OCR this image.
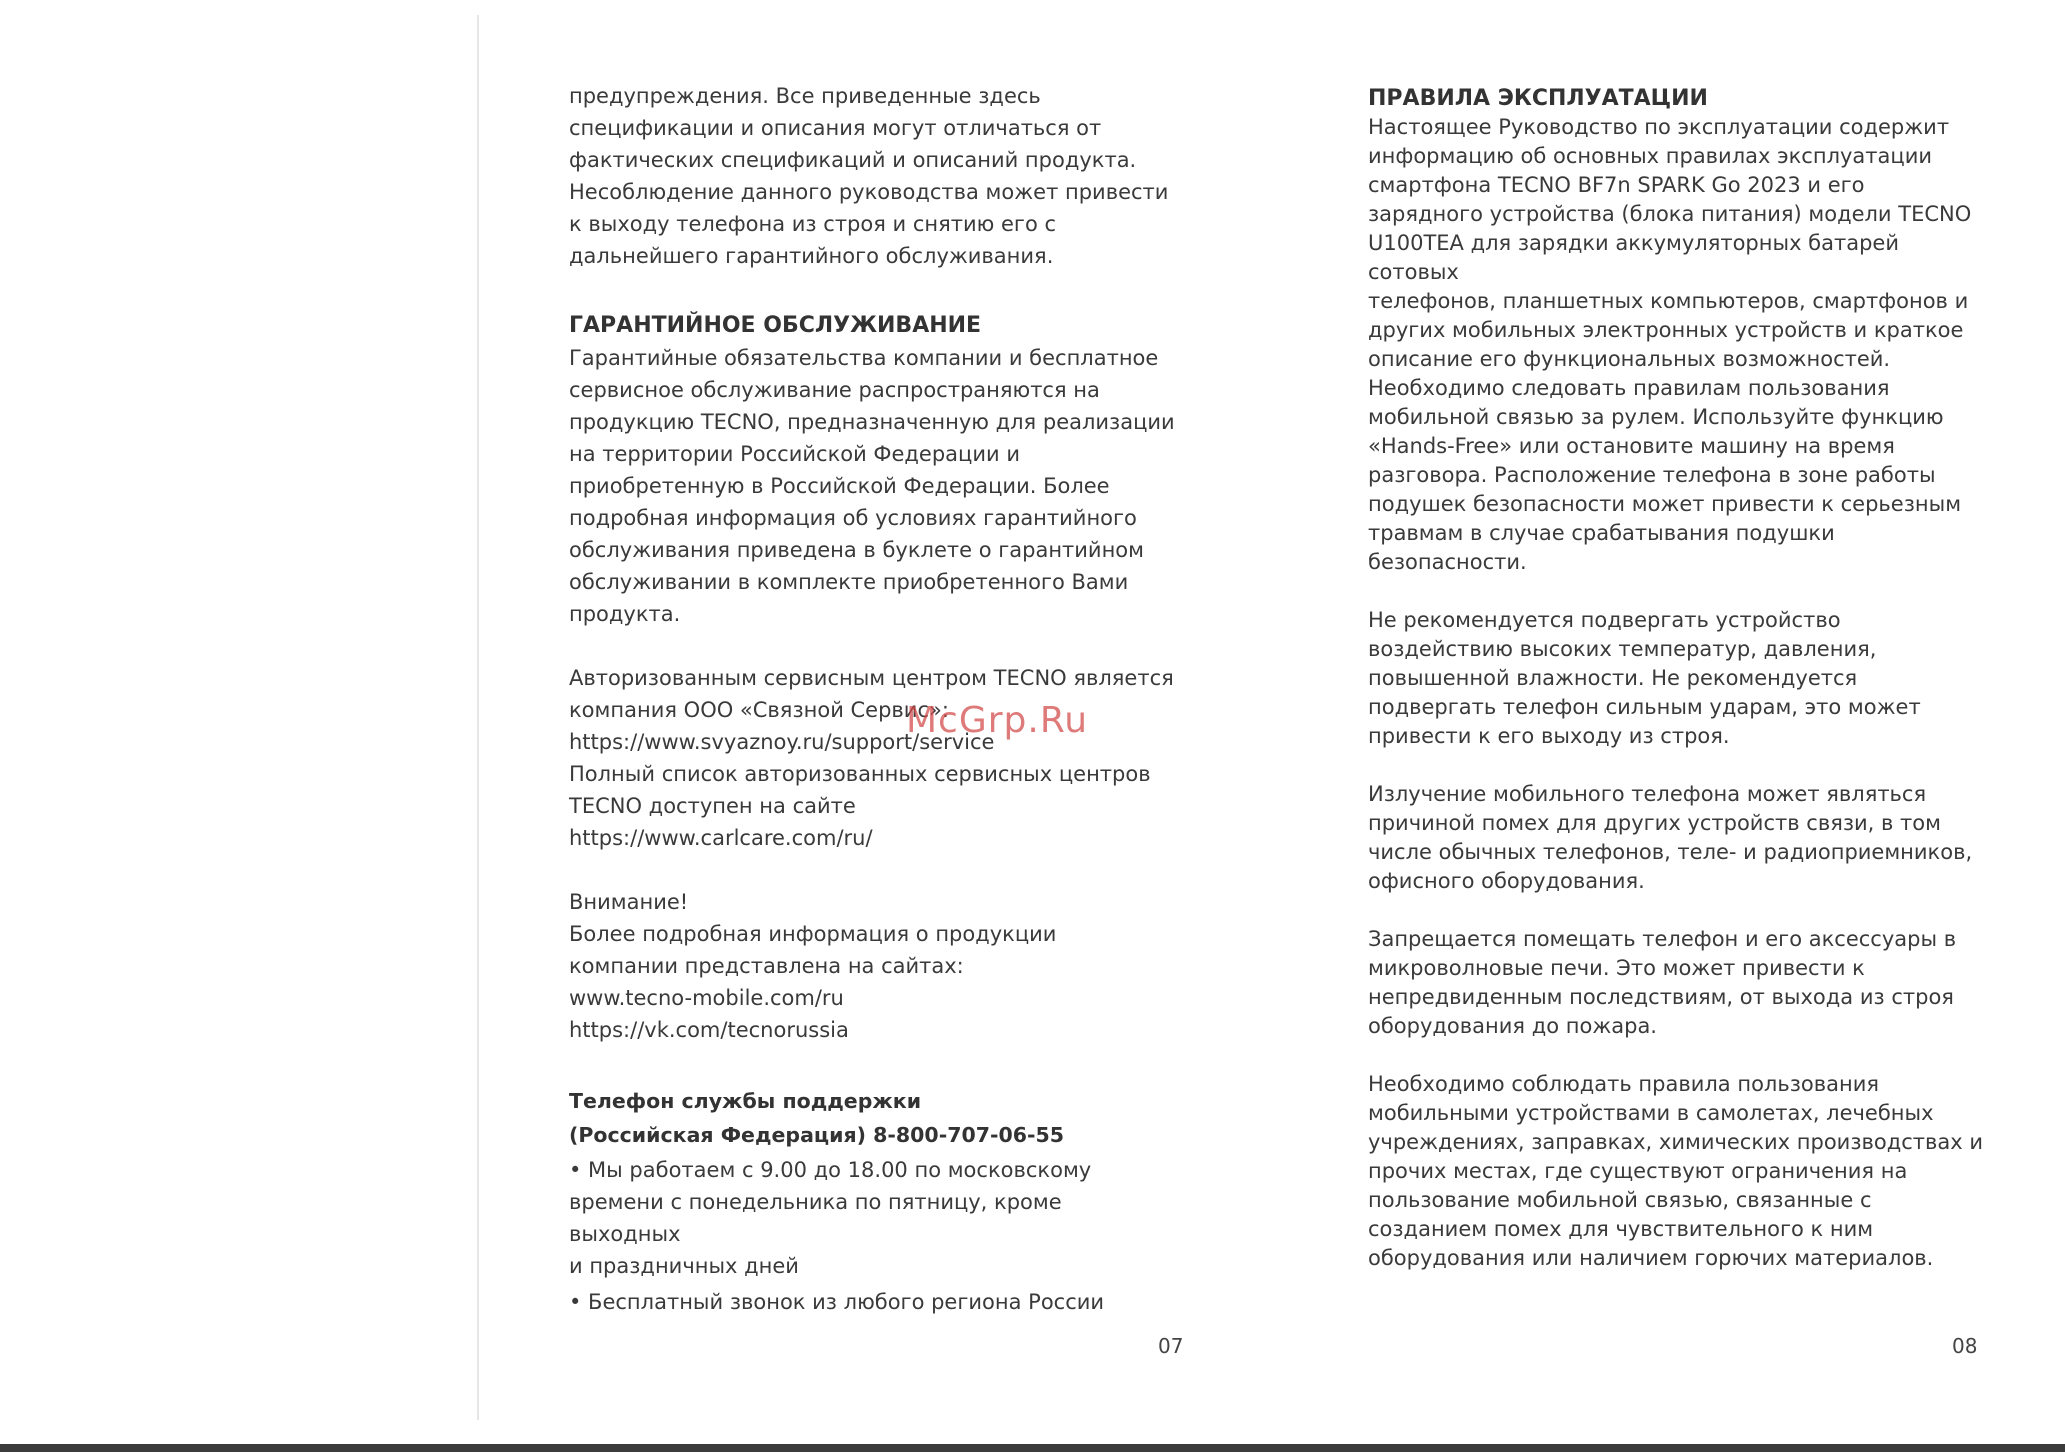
предупреждения. Все приведенные здесь

спецификации и описания могут отличаться от

фактических спецификаций и описаний продукта.

Несоблюдение данного руководства может привести

к выходу телефона из строя и снятию его с

дальнейшего гарантийного обслуживания.

ГАРАНТИЙНОЕ ОБСЛУЖИВАНИЕ

Гарантийные обязательства компании и бесплатное

сервисное обслуживание распространяются на

продукцию TECNO, предназначенную для реализации

на территории Российской Федерации и

приобретенную в Российской Федерации. Более

подробная информация об условиях гарантийного

обслуживания приведена в буклете о гарантийном

обслуживании в комплекте приобретенного Вами

продукта.

Авторизованным сервисным центром TECNO является

компания ООО «Связной Сервис»:

https://www.svyaznoy.ru/support/service

Полный список авторизованных сервисных центров

TECNO доступен на сайте

https://www.carlcare.com/ru/

Внимание!

Более подробная информация о продукции

компании представлена на сайтах:

www.tecno-mobile.com/ru

https://vk.com/tecnorussia

Телефон службы поддержки

(Российская Федерация) 8-800-707-06-55

• Мы работаем с 9.00 до 18.00 по московскому

времени с понедельника по пятницу, кроме выходных

и праздничных дней

• Бесплатный звонок из любого региона России

07

ПРАВИЛА ЭКСПЛУАТАЦИИ

Настоящее Руководство по эксплуатации содержит

информацию об основных правилах эксплуатации

смартфона TECNO BF7n SPARK Go 2023 и его

зарядного устройства (блока питания) модели TECNO

U100TEA для зарядки аккумуляторных батарей сотовых

телефонов, планшетных компьютеров, смартфонов и

других мобильных электронных устройств и краткое

описание его функциональных возможностей.

Необходимо следовать правилам пользования

мобильной связью за рулем. Используйте функцию

«Hands-Free» или остановите машину на время

разговора. Расположение телефона в зоне работы

подушек безопасности может привести к серьезным

травмам в случае срабатывания подушки

безопасности.

Не рекомендуется подвергать устройство

воздействию высоких температур, давления,

повышенной влажности. Не рекомендуется

подвергать телефон сильным ударам, это может

привести к его выходу из строя.

Излучение мобильного телефона может являться

причиной помех для других устройств связи, в том

числе обычных телефонов, теле- и радиоприемников,

офисного оборудования.

Запрещается помещать телефон и его аксессуары в

микроволновые печи. Это может привести к

непредвиденным последствиям, от выхода из строя

оборудования до пожара.

Необходимо соблюдать правила пользования

мобильными устройствами в самолетах, лечебных

учреждениях, заправках, химических производствах и

прочих местах, где существуют ограничения на

пользование мобильной связью, связанные с

созданием помех для чувствительного к ним

оборудования или наличием горючих материалов.

08
McGrp.Ru
